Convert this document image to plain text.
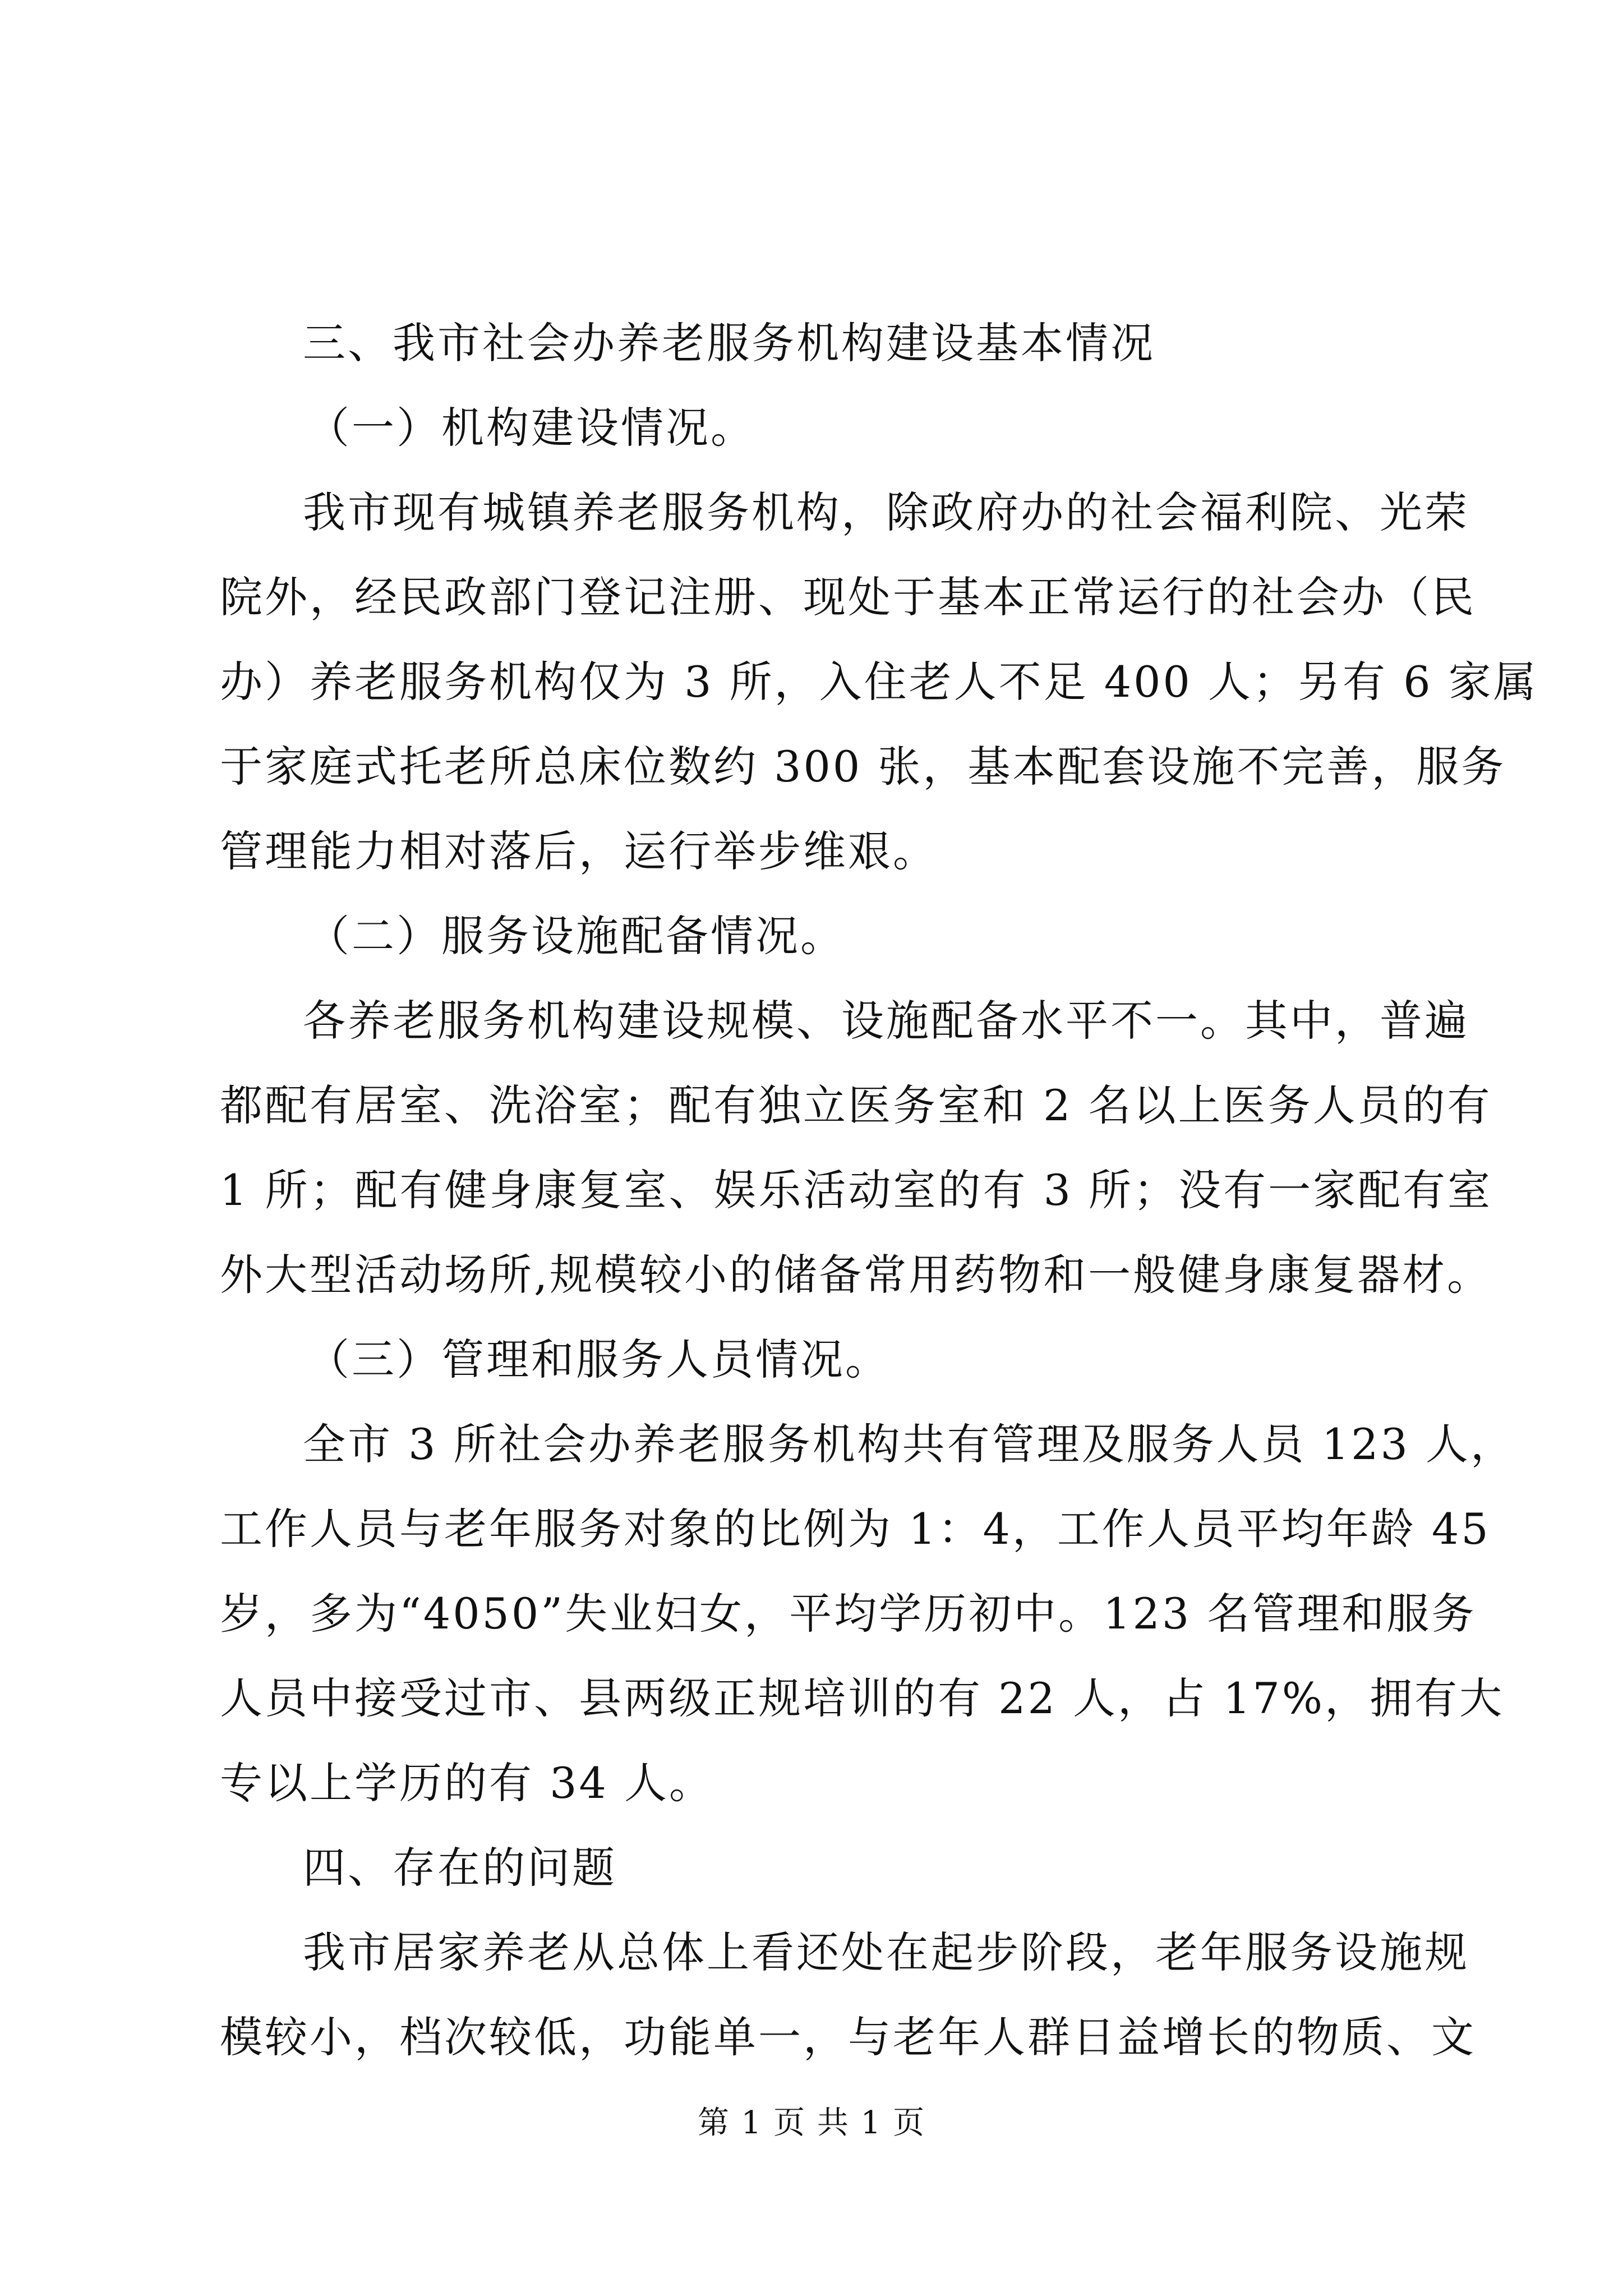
三、我市社会办养老服务机构建设基本情况
（一）机构建设情况。
我市现有城镇养老服务机构，除政府办的社会福利院、光荣
院外，经民政部门登记注册、现处于基本正常运行的社会办（民
办）养老服务机构仅为 3 所，入住老人不足 400 人；另有 6 家属
于家庭式托老所总床位数约 300 张，基本配套设施不完善，服务
管理能力相对落后，运行举步维艰。
（二）服务设施配备情况。
各养老服务机构建设规模、设施配备水平不一。其中，普遍
都配有居室、洗浴室；配有独立医务室和 2 名以上医务人员的有
1 所；配有健身康复室、娱乐活动室的有 3 所；没有一家配有室
外大型活动场所,规模较小的储备常用药物和一般健身康复器材。
（三）管理和服务人员情况。
全市 3 所社会办养老服务机构共有管理及服务人员 123 人，
工作人员与老年服务对象的比例为 1：4，工作人员平均年龄 45
岁，多为“4050”失业妇女，平均学历初中。123 名管理和服务
人员中接受过市、县两级正规培训的有 22 人，占 17%，拥有大
专以上学历的有 34 人。
四、存在的问题
我市居家养老从总体上看还处在起步阶段，老年服务设施规
模较小，档次较低，功能单一，与老年人群日益增长的物质、文
第 1 页 共 1 页
